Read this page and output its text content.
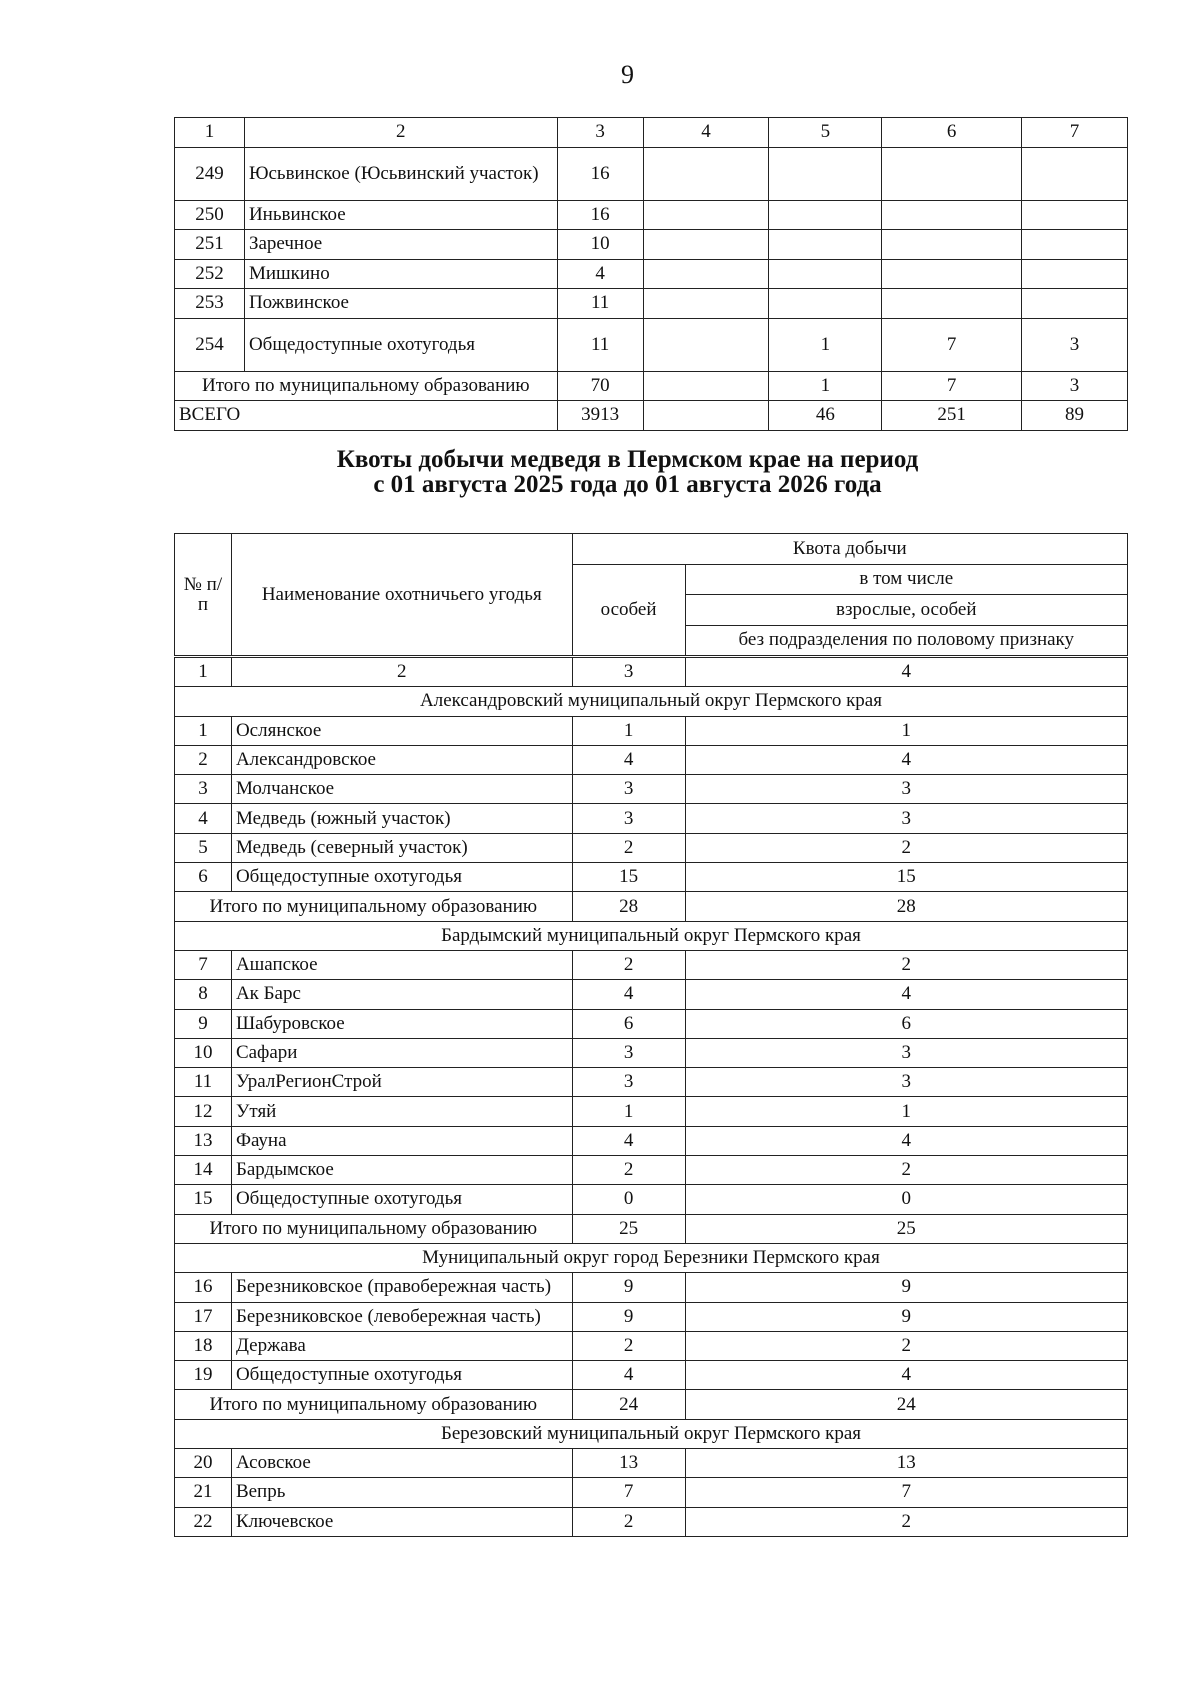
9
1	2	3	4	5	6	7
249	Юсьвинское (Юсьвинский участок)	16				
250	Иньвинское	16				
251	Заречное	10				
252	Мишкино	4				
253	Пожвинское	11				
254	Общедоступные охотугодья	11		1	7	3
Итого по муниципальному образованию		70		1	7	3
ВСЕГО		3913		46	251	89
Квоты добычи медведя в Пермском крае на период
с 01 августа 2025 года до 01 августа 2026 года
№ п/п	Наименование охотничьего угодья	Квота добычи	
		особей	в том числе
			взрослые, особей
			без подразделения по половому признаку
1	2	3	4
Александровский муниципальный округ Пермского края			
1	Ослянское	1	1
2	Александровское	4	4
3	Молчанское	3	3
4	Медведь (южный участок)	3	3
5	Медведь (северный участок)	2	2
6	Общедоступные охотугодья	15	15
Итого по муниципальному образованию		28	28
Бардымский муниципальный округ Пермского края			
7	Ашапское	2	2
8	Ак Барс	4	4
9	Шабуровское	6	6
10	Сафари	3	3
11	УралРегионСтрой	3	3
12	Утяй	1	1
13	Фауна	4	4
14	Бардымское	2	2
15	Общедоступные охотугодья	0	0
Итого по муниципальному образованию		25	25
Муниципальный округ город Березники Пермского края			
16	Березниковское (правобережная часть)	9	9
17	Березниковское (левобережная часть)	9	9
18	Держава	2	2
19	Общедоступные охотугодья	4	4
Итого по муниципальному образованию		24	24
Березовский муниципальный округ Пермского края			
20	Асовское	13	13
21	Вепрь	7	7
22	Ключевское	2	2
